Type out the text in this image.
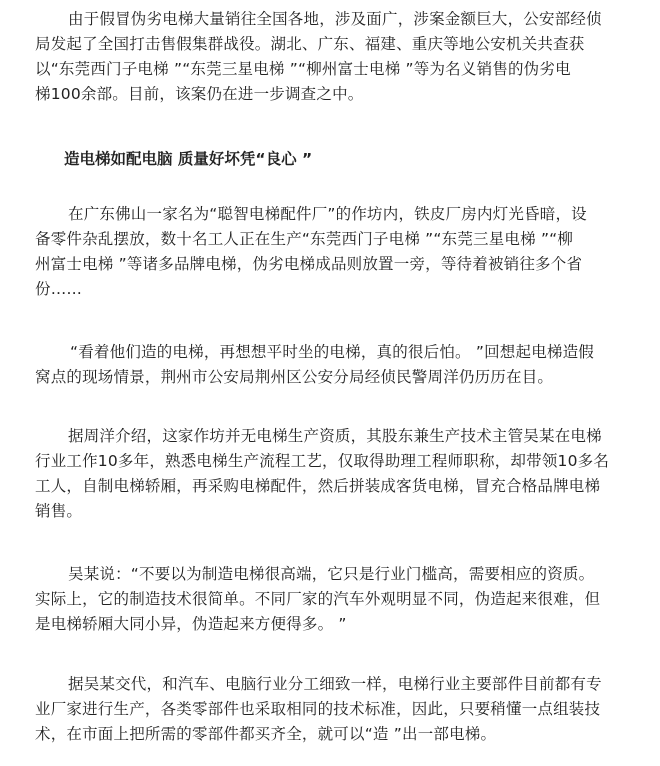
由于假冒伪劣电梯大量销往全国各地，涉及面广，涉案金额巨大，公安部经侦
局发起了全国打击售假集群战役。湖北、广东、福建、重庆等地公安机关共查获
以“东莞西门子电梯 ”“东莞三星电梯 ”“柳州富士电梯 ”等为名义销售的伪劣电
梯100余部。目前，该案仍在进一步调查之中。

造电梯如配电脑 质量好坏凭“良心 ”

在广东佛山一家名为“聪智电梯配件厂”的作坊内，铁皮厂房内灯光昏暗，设
备零件杂乱摆放，数十名工人正在生产“东莞西门子电梯 ”“东莞三星电梯 ”“柳
州富士电梯 ”等诸多品牌电梯，伪劣电梯成品则放置一旁，等待着被销往多个省
份……

“看着他们造的电梯，再想想平时坐的电梯，真的很后怕。 ”回想起电梯造假
窝点的现场情景，荆州市公安局荆州区公安分局经侦民警周洋仍历历在目。

据周洋介绍，这家作坊并无电梯生产资质，其股东兼生产技术主管吴某在电梯
行业工作10多年，熟悉电梯生产流程工艺，仅取得助理工程师职称，却带领10多名
工人，自制电梯轿厢，再采购电梯配件，然后拼装成客货电梯，冒充合格品牌电梯
销售。

吴某说：“不要以为制造电梯很高端，它只是行业门槛高，需要相应的资质。
实际上，它的制造技术很简单。不同厂家的汽车外观明显不同，伪造起来很难，但
是电梯轿厢大同小异，伪造起来方便得多。 ”

据吴某交代，和汽车、电脑行业分工细致一样，电梯行业主要部件目前都有专
业厂家进行生产，各类零部件也采取相同的技术标准，因此，只要稍懂一点组装技
术，在市面上把所需的零部件都买齐全，就可以“造 ”出一部电梯。
